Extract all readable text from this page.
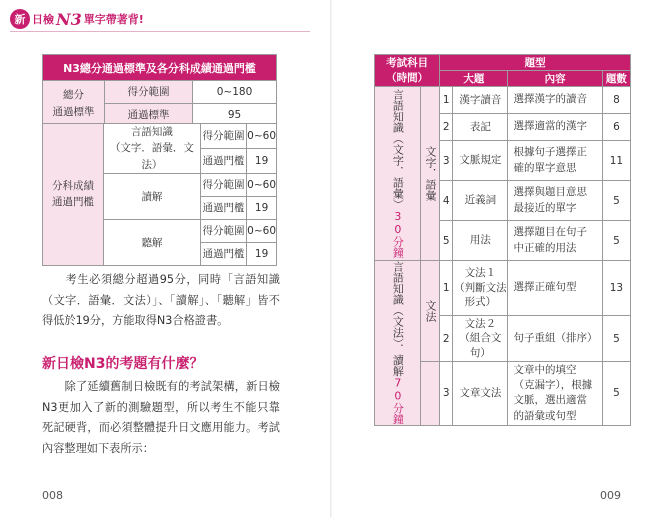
新 日檢 N3 單字帶著背!
N3總分通過標準及各分科成績通過門檻		
總分
通過標準	得分範圍	0~180
	通過標準	95
分科成績
通過門檻	言語知識
（文字．語彙．文法）	得分範圍	0~60
		通過門檻	19
	讀解	得分範圍	0~60
		通過門檻	19
	聽解	得分範圍	0~60
		通過門檻	19

　　考生必須總分超過95分，同時「言語知識（文字．語彙．文法）」、「讀解」、「聽解」皆不得低於19分，方能取得N3合格證書。

新日檢N3的考題有什麼？

　　除了延續舊制日檢既有的考試架構，新日檢N3更加入了新的測驗題型，所以考生不能只靠死記硬背，而必須整體提升日文應用能力。考試內容整理如下表所示：

008
考試科目
（時間）		題型			
		大題		內容	題數

言語知識（文字．語彙）30分鐘	文字．語彙	1	漢字讀音	選擇漢字的讀音	8
		2	表記	選擇適當的漢字	6
		3	文脈規定	根據句子選擇正確的單字意思	11
		4	近義詞	選擇與題目意思最接近的單字	5
		5	用法	選擇題目在句子中正確的用法	5

言語知識（文法）．讀解70分鐘	文法	1	文法１
（判斷文法
形式）	選擇正確句型	13
		2	文法２
（組合文句）	句子重組（排序）	5
		3	文章文法	文章中的填空（克漏字），根據文脈，選出適當的語彙或句型	5
009
